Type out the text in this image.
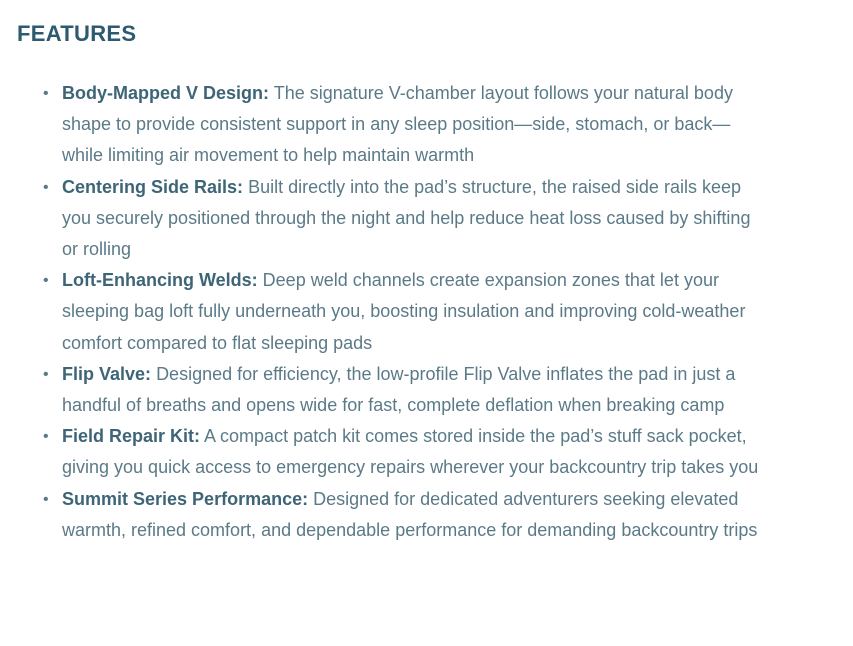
FEATURES
• Body-Mapped V Design: The signature V-chamber layout follows your natural body shape to provide consistent support in any sleep position—side, stomach, or back—while limiting air movement to help maintain warmth
• Centering Side Rails: Built directly into the pad’s structure, the raised side rails keep you securely positioned through the night and help reduce heat loss caused by shifting or rolling
• Loft-Enhancing Welds: Deep weld channels create expansion zones that let your sleeping bag loft fully underneath you, boosting insulation and improving cold-weather comfort compared to flat sleeping pads
• Flip Valve: Designed for efficiency, the low-profile Flip Valve inflates the pad in just a handful of breaths and opens wide for fast, complete deflation when breaking camp
• Field Repair Kit: A compact patch kit comes stored inside the pad’s stuff sack pocket, giving you quick access to emergency repairs wherever your backcountry trip takes you
• Summit Series Performance: Designed for dedicated adventurers seeking elevated warmth, refined comfort, and dependable performance for demanding backcountry trips
